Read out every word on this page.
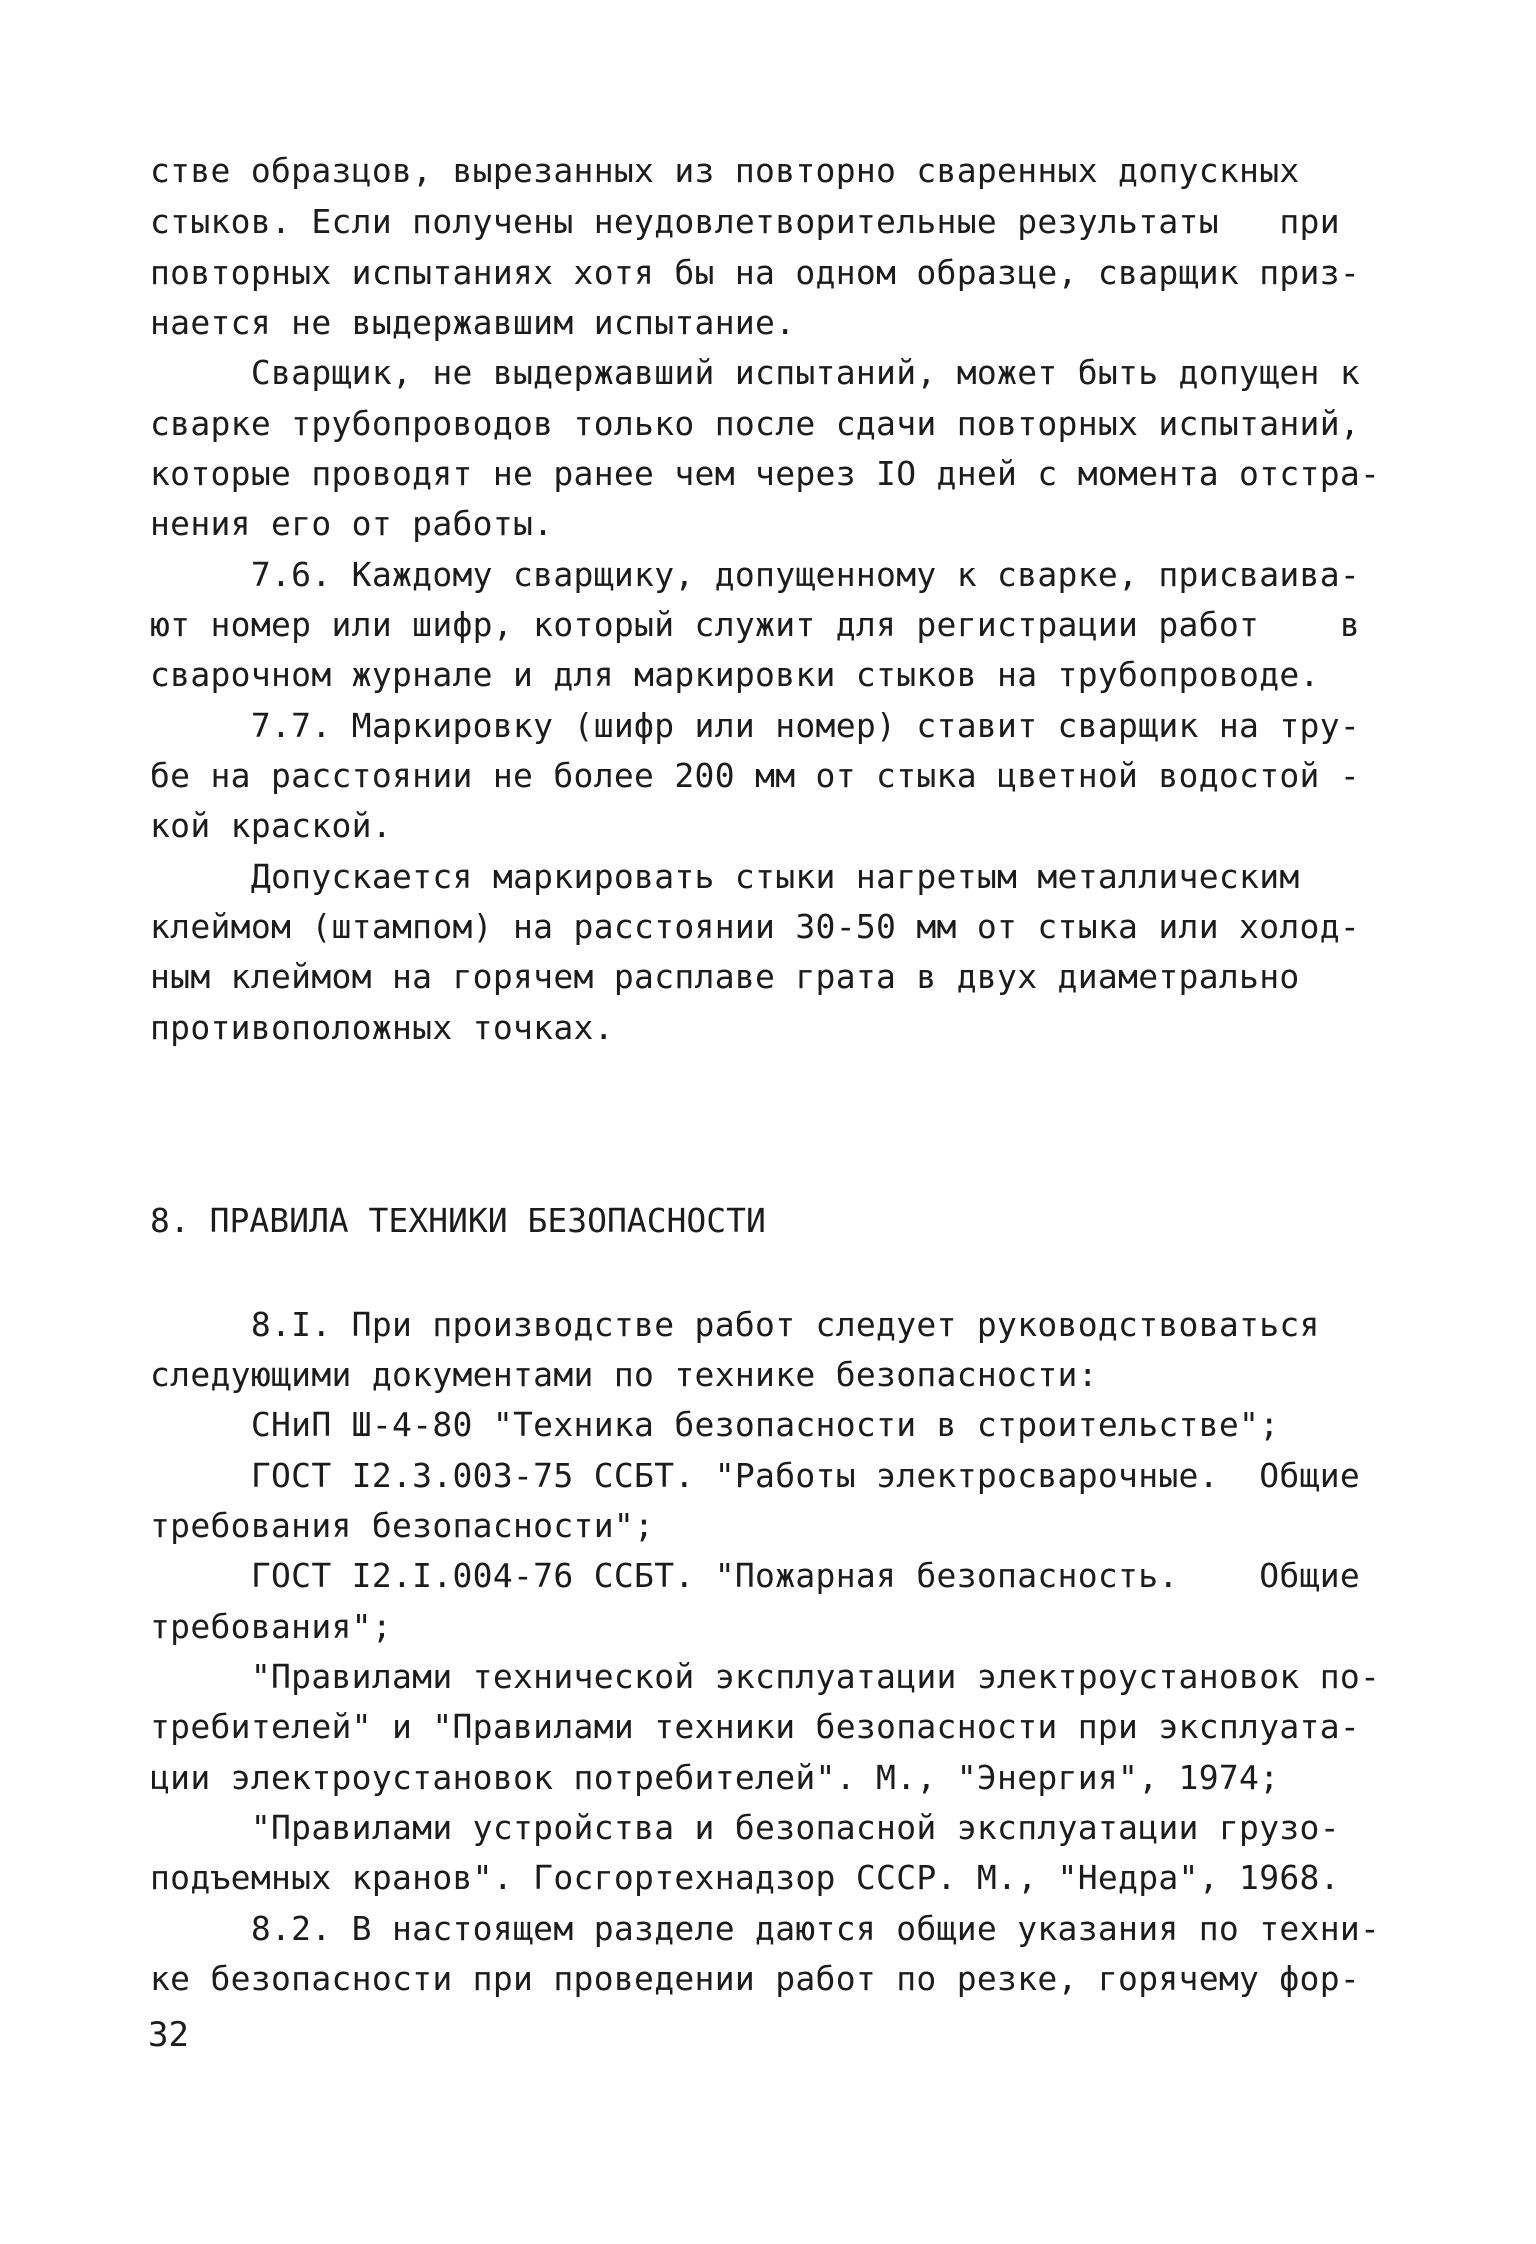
стве образцов, вырезанных из повторно сваренных допускных
стыков. Если получены неудовлетворительные результаты   при
повторных испытаниях хотя бы на одном образце, сварщик приз-
нается не выдержавшим испытание.
Сварщик, не выдержавший испытаний, может быть допущен к
сварке трубопроводов только после сдачи повторных испытаний,
которые проводят не ранее чем через IO дней с момента отстра-
нения его от работы.
7.6. Каждому сварщику, допущенному к сварке, присваива-
ют номер или шифр, который служит для регистрации работ    в
сварочном журнале и для маркировки стыков на трубопроводе.
7.7. Маркировку (шифр или номер) ставит сварщик на тру-
бе на расстоянии не более 200 мм от стыка цветной водостой -
кой краской.
Допускается маркировать стыки нагретым металлическим
клеймом (штампом) на расстоянии 30-50 мм от стыка или холод-
ным клеймом на горячем расплаве грата в двух диаметрально
противоположных точках.
8. ПРАВИЛА ТЕХНИКИ БЕЗОПАСНОСТИ
8.I. При производстве работ следует руководствоваться
следующими документами по технике безопасности:
СНиП Ш-4-80 "Техника безопасности в строительстве";
ГОСТ I2.3.003-75 ССБТ. "Работы электросварочные.  Общие
требования безопасности";
ГОСТ I2.I.004-76 ССБТ. "Пожарная безопасность.    Общие
требования";
"Правилами технической эксплуатации электроустановок по-
требителей" и "Правилами техники безопасности при эксплуата-
ции электроустановок потребителей". М., "Энергия", 1974;
"Правилами устройства и безопасной эксплуатации грузо-
подъемных кранов". Госгортехнадзор СССР. М., "Недра", 1968.
8.2. В настоящем разделе даются общие указания по техни-
ке безопасности при проведении работ по резке, горячему фор-
32
